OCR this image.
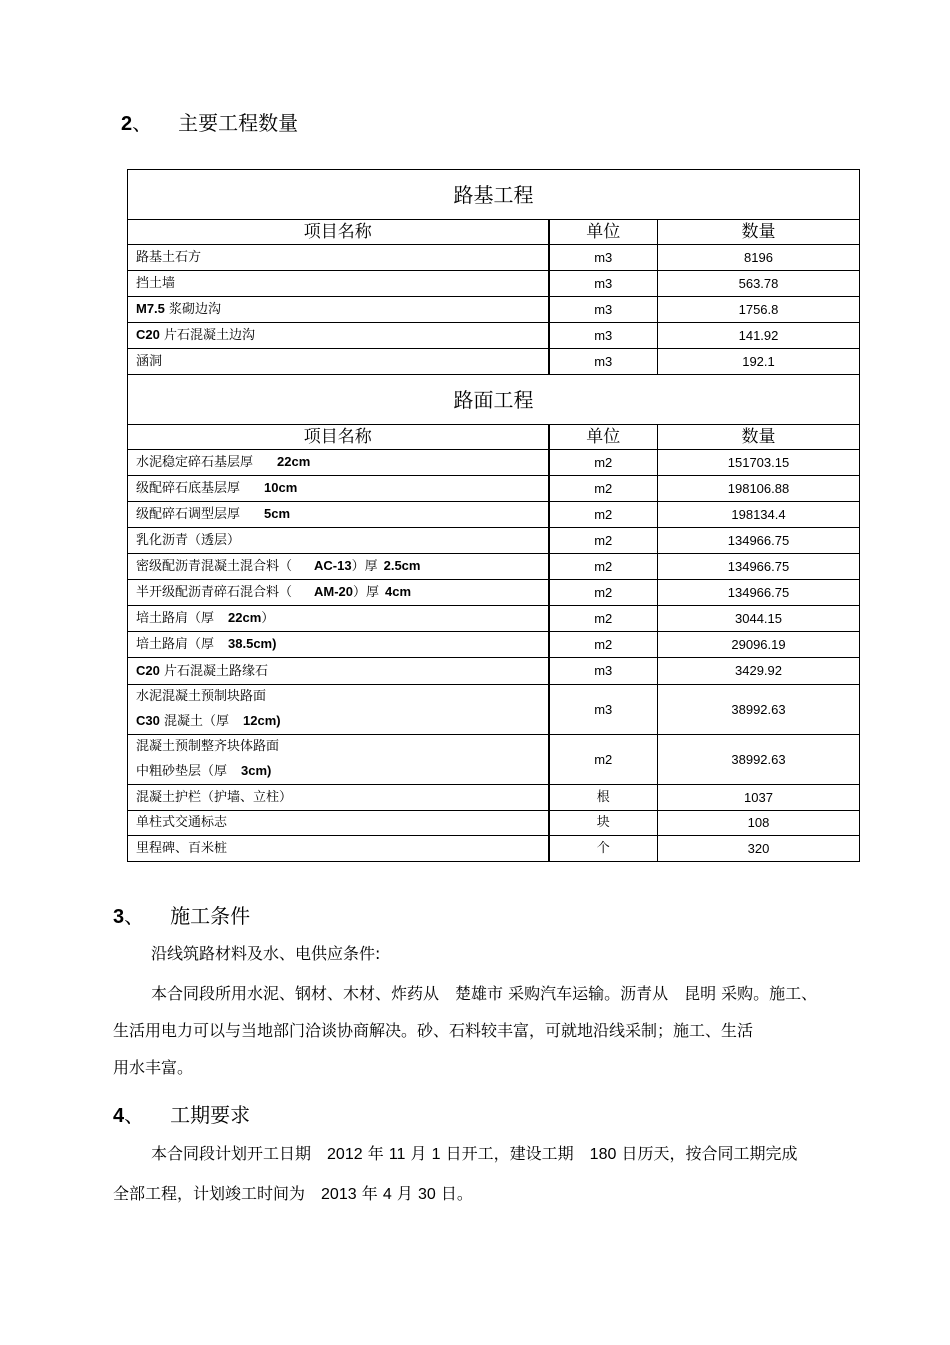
2、 主要工程数量
路基工程		
项目名称	单位	数量
路基土石方	m3	8196
挡土墙	m3	563.78
M7.5 浆砌边沟	m3	1756.8
C20 片石混凝土边沟	m3	141.92
涵洞	m3	192.1
路面工程		
项目名称	单位	数量
水泥稳定碎石基层厚 22cm	m2	151703.15
级配碎石底基层厚 10cm	m2	198106.88
级配碎石调型层厚 5cm	m2	198134.4
乳化沥青（透层）	m2	134966.75
密级配沥青混凝土混合料（ AC-13）厚 2.5cm	m2	134966.75
半开级配沥青碎石混合料（ AM-20）厚 4cm	m2	134966.75
培土路肩（厚 22cm）	m2	3044.15
培土路肩（厚 38.5cm)	m2	29096.19
C20 片石混凝土路缘石	m3	3429.92

水泥混凝土预制块路面
C30 混凝土（厚 12cm)	m3	38992.63

混凝土预制整齐块体路面
中粗砂垫层（厚 3cm)	m2	38992.63
混凝土护栏（护墙、立柱）	根	1037
单柱式交通标志	块	108
里程碑、百米桩	个	320
3、 施工条件
沿线筑路材料及水、电供应条件:
本合同段所用水泥、钢材、木材、炸药从　楚雄市 采购汽车运输。沥青从　昆明 采购。施工、
生活用电力可以与当地部门洽谈协商解决。砂、石料较丰富，可就地沿线采制；施工、生活
用水丰富。
4、 工期要求
本合同段计划开工日期　 2012 年 11 月 1 日开工，建设工期　 180 日历天，按合同工期完成
全部工程，计划竣工时间为　 2013 年 4 月 30 日。
